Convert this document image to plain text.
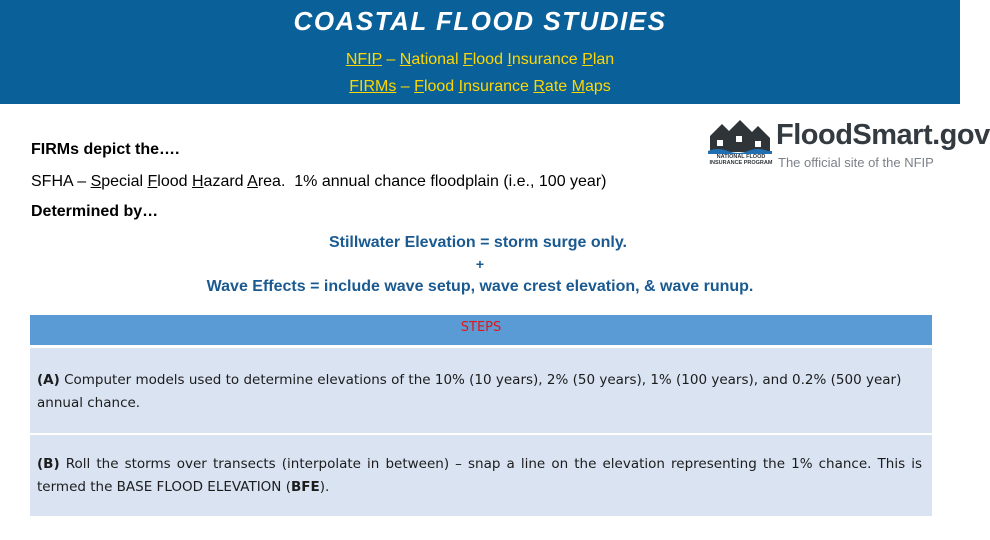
COASTAL FLOOD STUDIES
NFIP – National Flood Insurance Plan
FIRMs – Flood Insurance Rate Maps
NATIONAL FLOOD
INSURANCE PROGRAM
FloodSmart.gov
The official site of the NFIP
FIRMs depict the….
SFHA – Special Flood Hazard Area.  1% annual chance floodplain (i.e., 100 year)
Determined by…
Stillwater Elevation = storm surge only.
+
Wave Effects = include wave setup, wave crest elevation, & wave runup.
STEPS
(A) Computer models used to determine elevations of the 10% (10 years), 2% (50 years), 1% (100 years), and 0.2% (500 year) annual chance.
(B) Roll the storms over transects (interpolate in between) – snap a line on the elevation representing the 1% chance. This is termed the BASE FLOOD ELEVATION (BFE).
